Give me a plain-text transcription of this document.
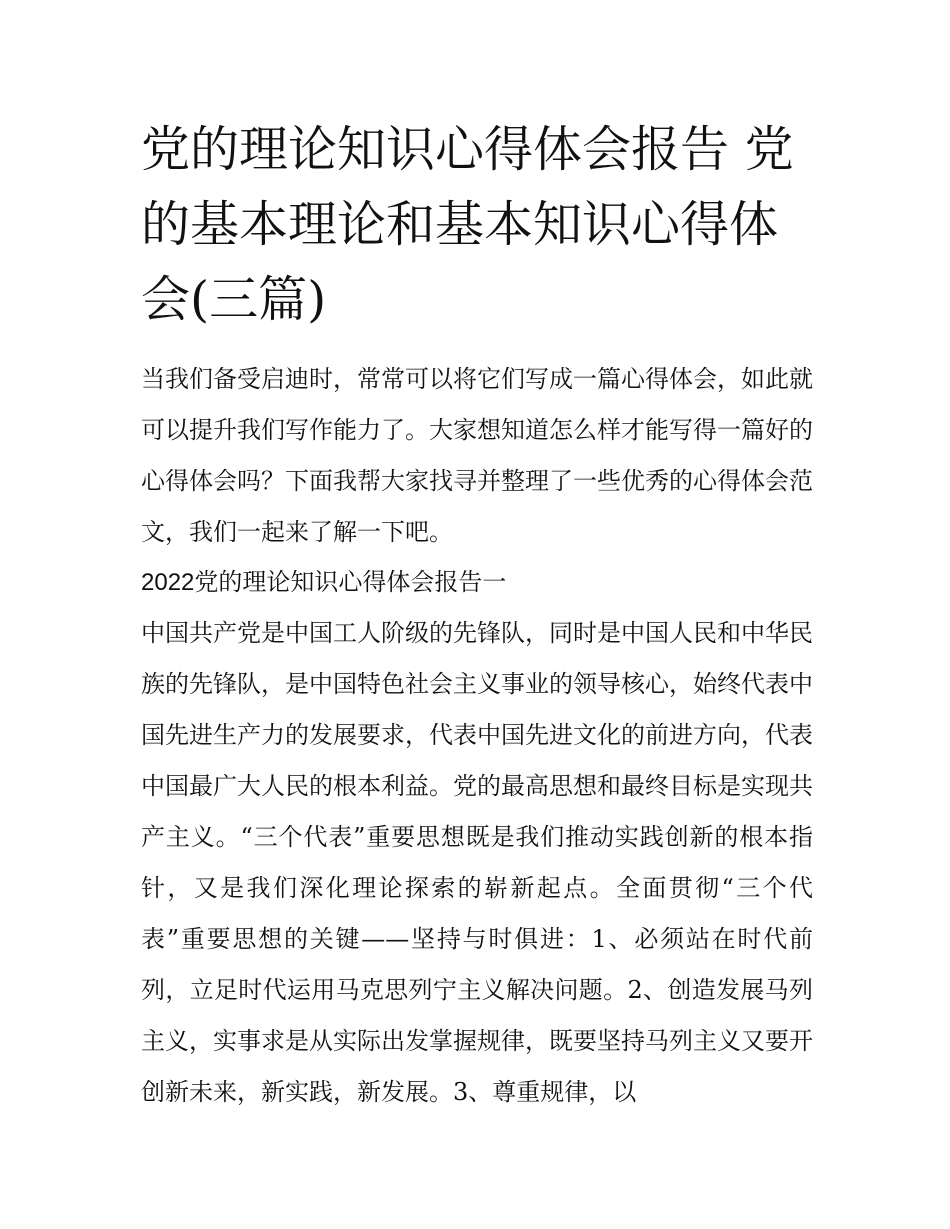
党的理论知识心得体会报告 党的基本理论和基本知识心得体会(三篇)

当我们备受启迪时，常常可以将它们写成一篇心得体会，如此就可以提升我们写作能力了。大家想知道怎么样才能写得一篇好的心得体会吗？下面我帮大家找寻并整理了一些优秀的心得体会范文，我们一起来了解一下吧。

2022党的理论知识心得体会报告一

中国共产党是中国工人阶级的先锋队，同时是中国人民和中华民族的先锋队，是中国特色社会主义事业的领导核心，始终代表中国先进生产力的发展要求，代表中国先进文化的前进方向，代表中国最广大人民的根本利益。党的最高思想和最终目标是实现共产主义。“三个代表”重要思想既是我们推动实践创新的根本指针，又是我们深化理论探索的崭新起点。全面贯彻“三个代表”重要思想的关键——坚持与时俱进：1、必须站在时代前列，立足时代运用马克思列宁主义解决问题。2、创造发展马列主义，实事求是从实际出发掌握规律，既要坚持马列主义又要开创新未来，新实践，新发展。3、尊重规律，以
